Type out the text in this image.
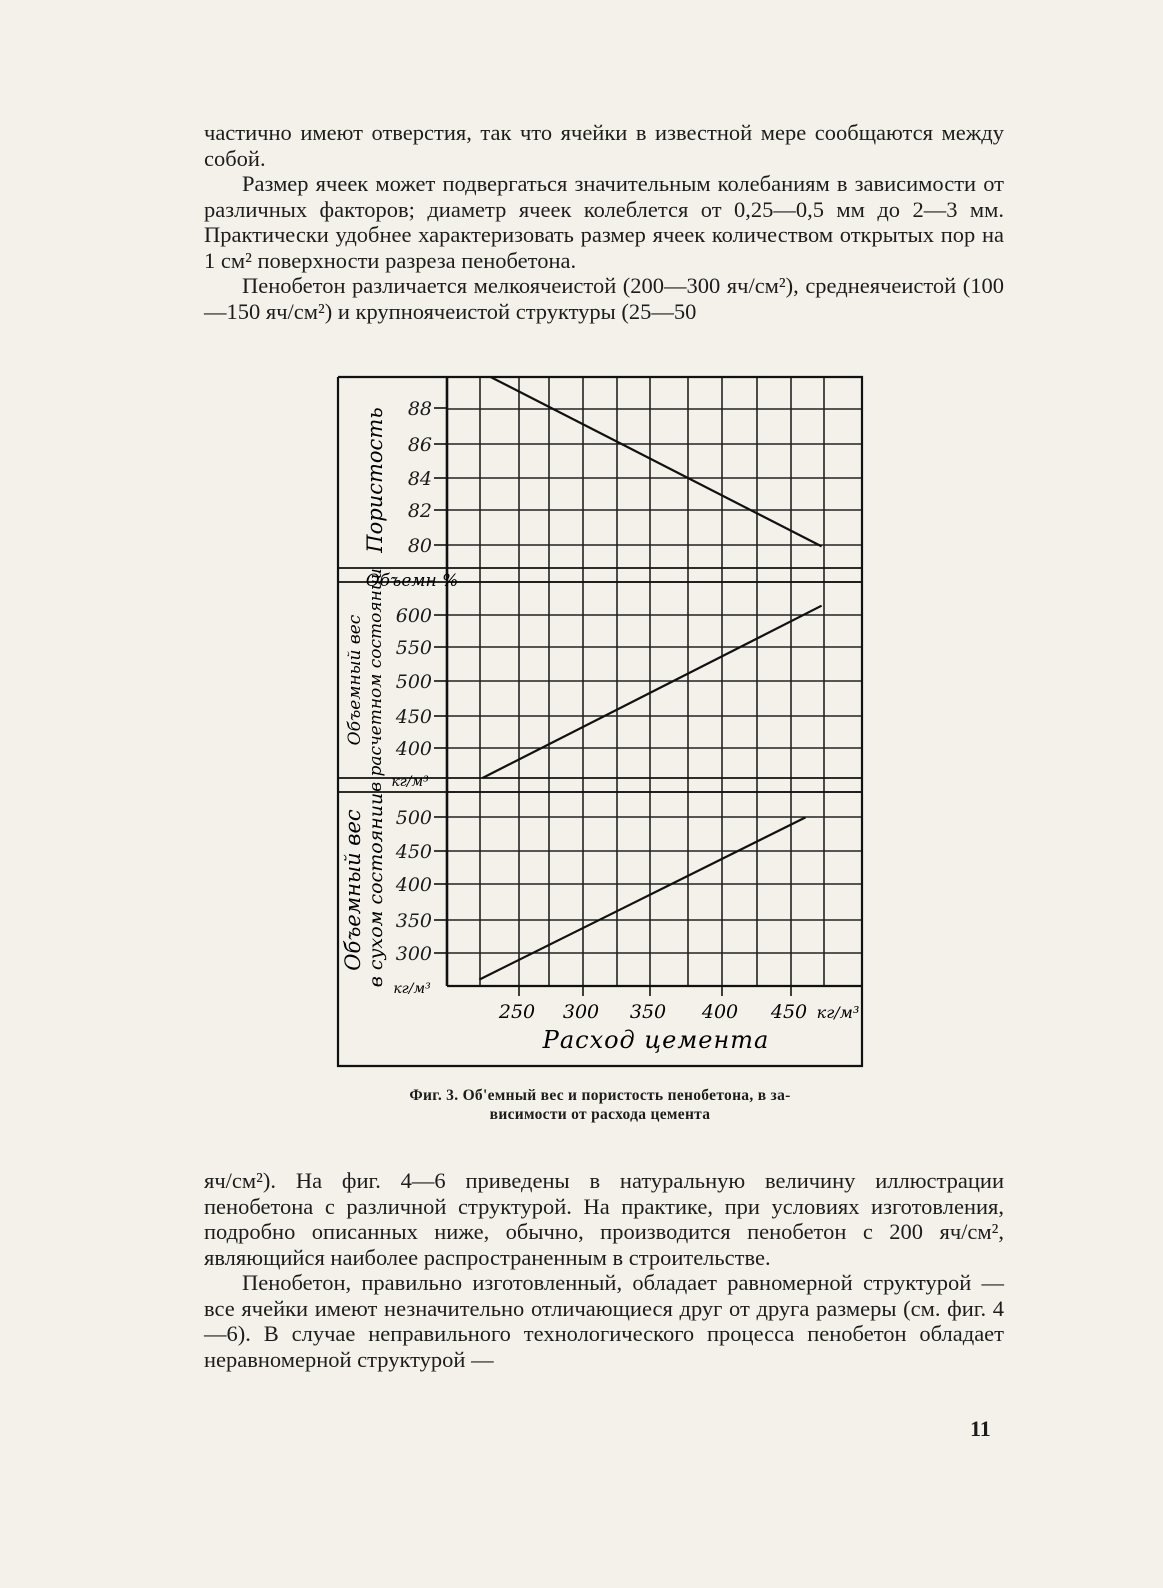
частично имеют отверстия, так что ячейки в известной мере сообщаются между собой.

Размер ячеек может подвергаться значительным колебаниям в зависимости от различных факторов; диаметр ячеек колеблется от 0,25—0,5 мм до 2—3 мм. Практически удобнее характеризовать размер ячеек количеством открытых пор на 1 см² поверхности разреза пенобетона.

Пенобетон различается мелкоячеистой (200—300 яч/см²), среднеячеистой (100—150 яч/см²) и крупноячеистой структуры (25—50

80
82
84
86
88
400
450
500
550
600
300
350
400
450
500
Объемн %
кг/м³
кг/м³
Пористость
Объемный вес в расчетном состоянии
Объемный вес в сухом состоянии
250 300 350 400 450 кг/м³
Расход цемента
Фиг. 3. Об'емный вес и пористость пенобетона, в за-
висимости от расхода цемента

яч/см²). На фиг. 4—6 приведены в натуральную величину иллюстрации пенобетона с различной структурой. На практике, при условиях изготовления, подробно описанных ниже, обычно, производится пенобетон с 200 яч/см², являющийся наиболее распространенным в строительстве.

Пенобетон, правильно изготовленный, обладает равномерной структурой — все ячейки имеют незначительно отличающиеся друг от друга размеры (см. фиг. 4—6). В случае неправильного технологического процесса пенобетон обладает неравномерной структурой —

11
